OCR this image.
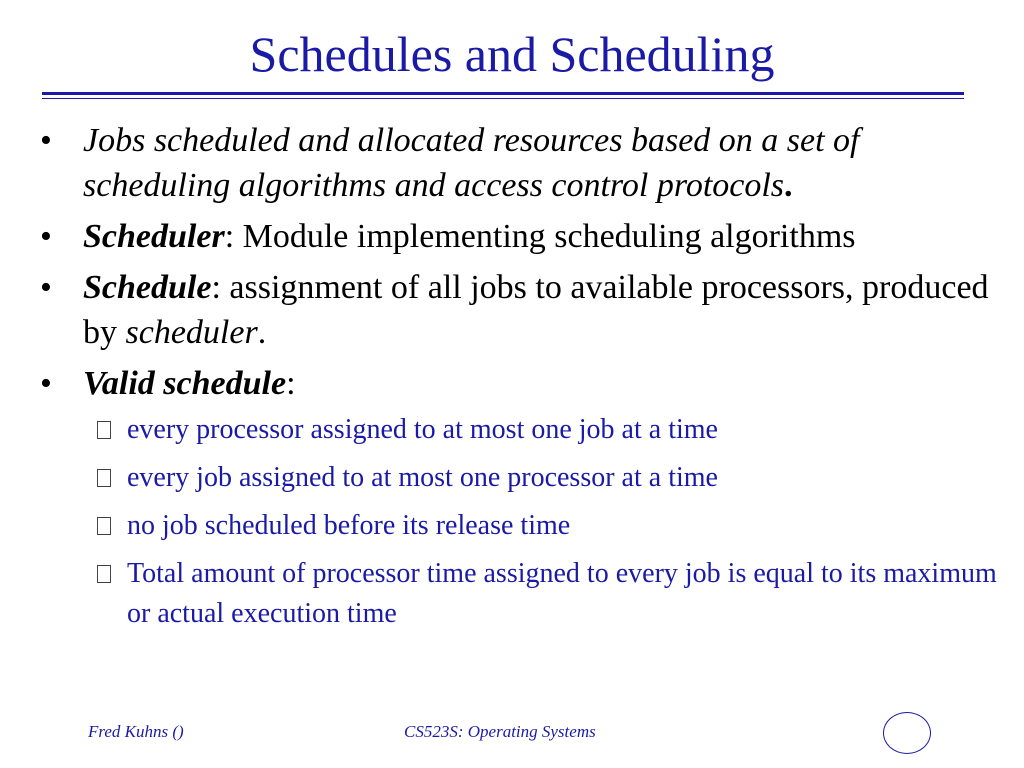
Schedules and Scheduling
• Jobs scheduled and allocated resources based on a set of scheduling algorithms and access control protocols.
• Scheduler: Module implementing scheduling algorithms
• Schedule: assignment of all jobs to available processors, produced by scheduler.
• Valid schedule:
every processor assigned to at most one job at a time
every job assigned to at most one processor at a time
no job scheduled before its release time
Total amount of processor time assigned to every job is equal to its maximum or actual execution time
Fred Kuhns ()	CS523S: Operating Systems
